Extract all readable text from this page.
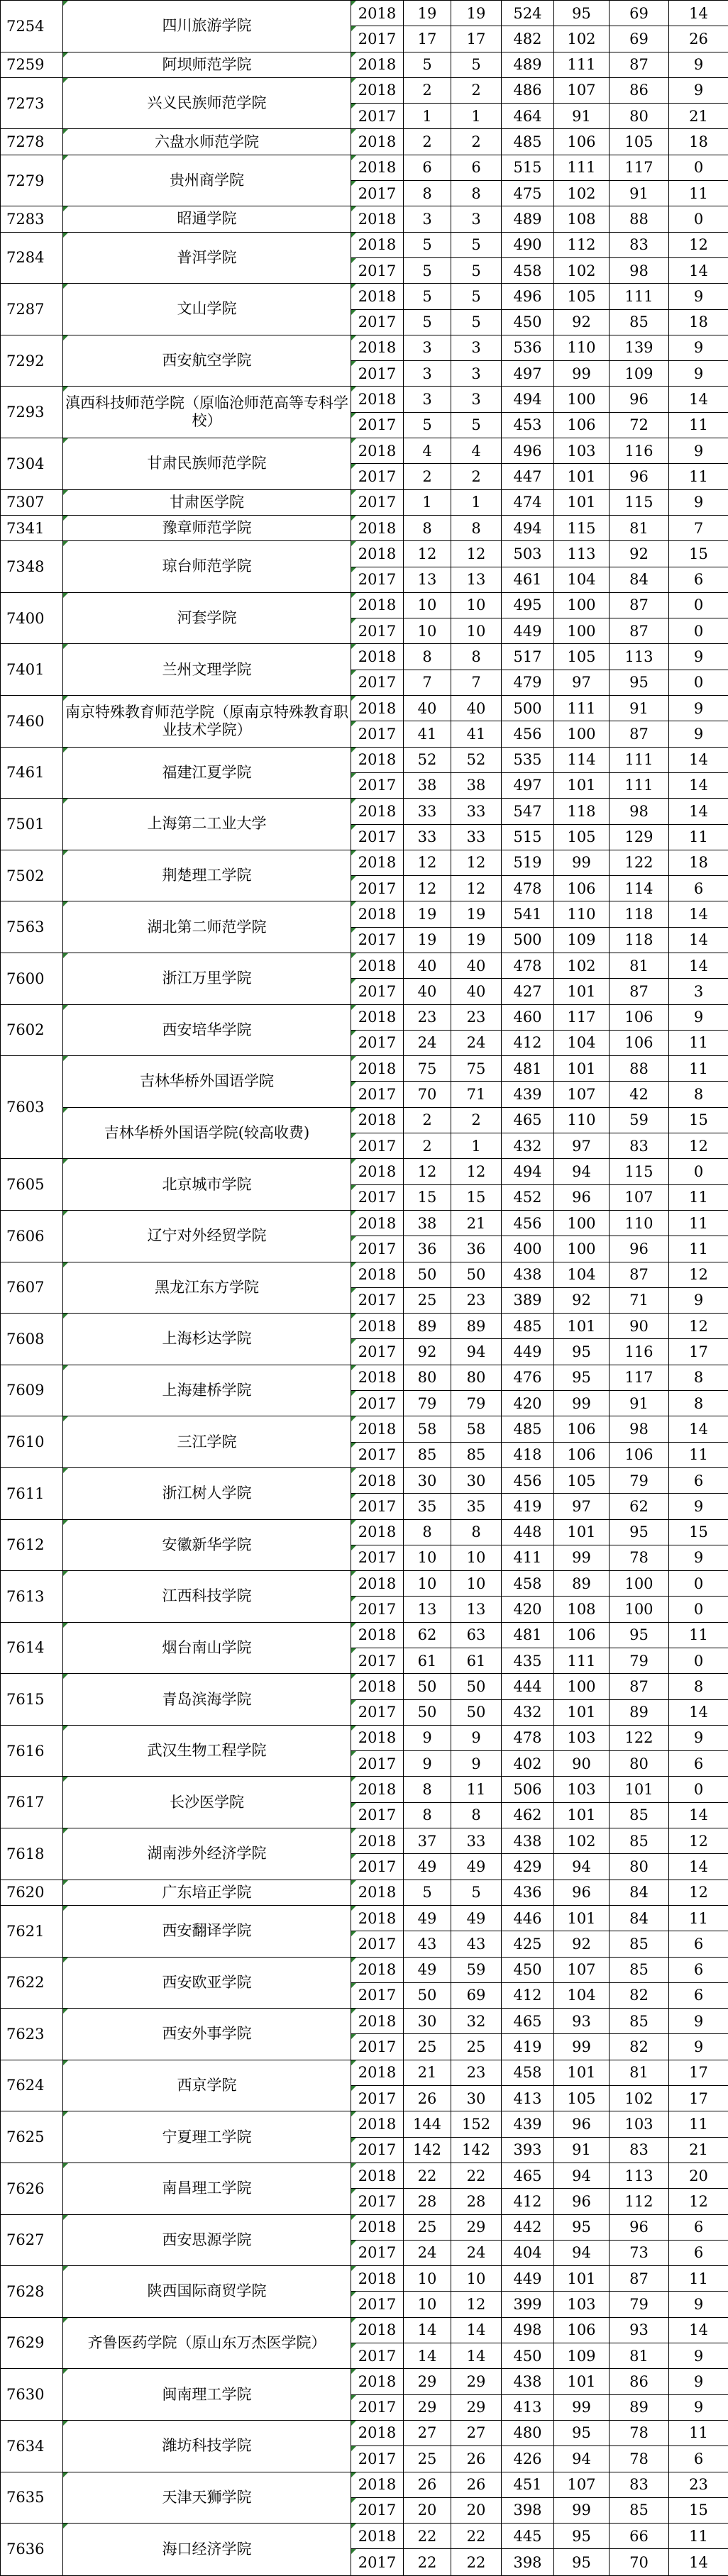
7254	四川旅游学院	2018	19	19	524	95	69	14
		2017	17	17	482	102	69	26
7259	阿坝师范学院	2018	5	5	489	111	87	9
7273	兴义民族师范学院	2018	2	2	486	107	86	9
		2017	1	1	464	91	80	21
7278	六盘水师范学院	2018	2	2	485	106	105	18
7279	贵州商学院	2018	6	6	515	111	117	0
		2017	8	8	475	102	91	11
7283	昭通学院	2018	3	3	489	108	88	0
7284	普洱学院	2018	5	5	490	112	83	12
		2017	5	5	458	102	98	14
7287	文山学院	2018	5	5	496	105	111	9
		2017	5	5	450	92	85	18
7292	西安航空学院	2018	3	3	536	110	139	9
		2017	3	3	497	99	109	9
7293	滇西科技师范学院（原临沧师范高等专科学校）	2018	3	3	494	100	96	14
		2017	5	5	453	106	72	11
7304	甘肃民族师范学院	2018	4	4	496	103	116	9
		2017	2	2	447	101	96	11
7307	甘肃医学院	2017	1	1	474	101	115	9
7341	豫章师范学院	2018	8	8	494	115	81	7
7348	琼台师范学院	2018	12	12	503	113	92	15
		2017	13	13	461	104	84	6
7400	河套学院	2018	10	10	495	100	87	0
		2017	10	10	449	100	87	0
7401	兰州文理学院	2018	8	8	517	105	113	9
		2017	7	7	479	97	95	0
7460	南京特殊教育师范学院（原南京特殊教育职业技术学院）	2018	40	40	500	111	91	9
		2017	41	41	456	100	87	9
7461	福建江夏学院	2018	52	52	535	114	111	14
		2017	38	38	497	101	111	14
7501	上海第二工业大学	2018	33	33	547	118	98	14
		2017	33	33	515	105	129	11
7502	荆楚理工学院	2018	12	12	519	99	122	18
		2017	12	12	478	106	114	6
7563	湖北第二师范学院	2018	19	19	541	110	118	14
		2017	19	19	500	109	118	14
7600	浙江万里学院	2018	40	40	478	102	81	14
		2017	40	40	427	101	87	3
7602	西安培华学院	2018	23	23	460	117	106	9
		2017	24	24	412	104	106	11
7603	吉林华桥外国语学院	2018	75	75	481	101	88	11
		2017	70	71	439	107	42	8
	吉林华桥外国语学院(较高收费)	2018	2	2	465	110	59	15
		2017	2	1	432	97	83	12
7605	北京城市学院	2018	12	12	494	94	115	0
		2017	15	15	452	96	107	11
7606	辽宁对外经贸学院	2018	38	21	456	100	110	11
		2017	36	36	400	100	96	11
7607	黑龙江东方学院	2018	50	50	438	104	87	12
		2017	25	23	389	92	71	9
7608	上海杉达学院	2018	89	89	485	101	90	12
		2017	92	94	449	95	116	17
7609	上海建桥学院	2018	80	80	476	95	117	8
		2017	79	79	420	99	91	8
7610	三江学院	2018	58	58	485	106	98	14
		2017	85	85	418	106	106	11
7611	浙江树人学院	2018	30	30	456	105	79	6
		2017	35	35	419	97	62	9
7612	安徽新华学院	2018	8	8	448	101	95	15
		2017	10	10	411	99	78	9
7613	江西科技学院	2018	10	10	458	89	100	0
		2017	13	13	420	108	100	0
7614	烟台南山学院	2018	62	63	481	106	95	11
		2017	61	61	435	111	79	0
7615	青岛滨海学院	2018	50	50	444	100	87	8
		2017	50	50	432	101	89	14
7616	武汉生物工程学院	2018	9	9	478	103	122	9
		2017	9	9	402	90	80	6
7617	长沙医学院	2018	8	11	506	103	101	0
		2017	8	8	462	101	85	14
7618	湖南涉外经济学院	2018	37	33	438	102	85	12
		2017	49	49	429	94	80	14
7620	广东培正学院	2018	5	5	436	96	84	12
7621	西安翻译学院	2018	49	49	446	101	84	11
		2017	43	43	425	92	85	6
7622	西安欧亚学院	2018	49	59	450	107	85	6
		2017	50	69	412	104	82	6
7623	西安外事学院	2018	30	32	465	93	85	9
		2017	25	25	419	99	82	9
7624	西京学院	2018	21	23	458	101	81	17
		2017	26	30	413	105	102	17
7625	宁夏理工学院	2018	144	152	439	96	103	11
		2017	142	142	393	91	83	21
7626	南昌理工学院	2018	22	22	465	94	113	20
		2017	28	28	412	96	112	12
7627	西安思源学院	2018	25	29	442	95	96	6
		2017	24	24	404	94	73	6
7628	陕西国际商贸学院	2018	10	10	449	101	87	11
		2017	10	12	399	103	79	9
7629	齐鲁医药学院（原山东万杰医学院）	2018	14	14	498	106	93	14
		2017	14	14	450	109	81	9
7630	闽南理工学院	2018	29	29	438	101	86	9
		2017	29	29	413	99	89	9
7634	潍坊科技学院	2018	27	27	480	95	78	11
		2017	25	26	426	94	78	6
7635	天津天狮学院	2018	26	26	451	107	83	23
		2017	20	20	398	99	85	15
7636	海口经济学院	2018	22	22	445	95	66	11
		2017	22	22	398	95	70	14
